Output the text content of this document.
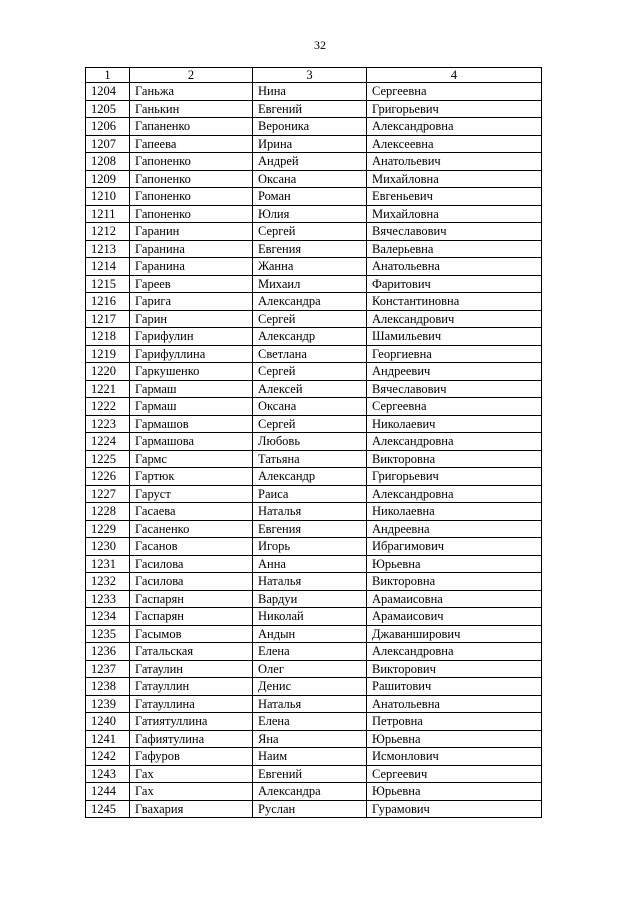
32
1	2	3	4
1204	Ганьжа	Нина	Сергеевна
1205	Ганькин	Евгений	Григорьевич
1206	Гапаненко	Вероника	Александровна
1207	Гапеева	Ирина	Алексеевна
1208	Гапоненко	Андрей	Анатольевич
1209	Гапоненко	Оксана	Михайловна
1210	Гапоненко	Роман	Евгеньевич
1211	Гапоненко	Юлия	Михайловна
1212	Гаранин	Сергей	Вячеславович
1213	Гаранина	Евгения	Валерьевна
1214	Гаранина	Жанна	Анатольевна
1215	Гареев	Михаил	Фаритович
1216	Гарига	Александра	Константиновна
1217	Гарин	Сергей	Александрович
1218	Гарифулин	Александр	Шамильевич
1219	Гарифуллина	Светлана	Георгиевна
1220	Гаркушенко	Сергей	Андреевич
1221	Гармаш	Алексей	Вячеславович
1222	Гармаш	Оксана	Сергеевна
1223	Гармашов	Сергей	Николаевич
1224	Гармашова	Любовь	Александровна
1225	Гармс	Татьяна	Викторовна
1226	Гартюк	Александр	Григорьевич
1227	Гаруст	Раиса	Александровна
1228	Гасаева	Наталья	Николаевна
1229	Гасаненко	Евгения	Андреевна
1230	Гасанов	Игорь	Ибрагимович
1231	Гасилова	Анна	Юрьевна
1232	Гасилова	Наталья	Викторовна
1233	Гаспарян	Вардуи	Арамаисовна
1234	Гаспарян	Николай	Арамаисович
1235	Гасымов	Андын	Джаванширович
1236	Гатальская	Елена	Александровна
1237	Гатаулин	Олег	Викторович
1238	Гатауллин	Денис	Рашитович
1239	Гатауллина	Наталья	Анатольевна
1240	Гатиятуллина	Елена	Петровна
1241	Гафиятулина	Яна	Юрьевна
1242	Гафуров	Наим	Исмонлович
1243	Гах	Евгений	Сергеевич
1244	Гах	Александра	Юрьевна
1245	Гвахария	Руслан	Гурамович
